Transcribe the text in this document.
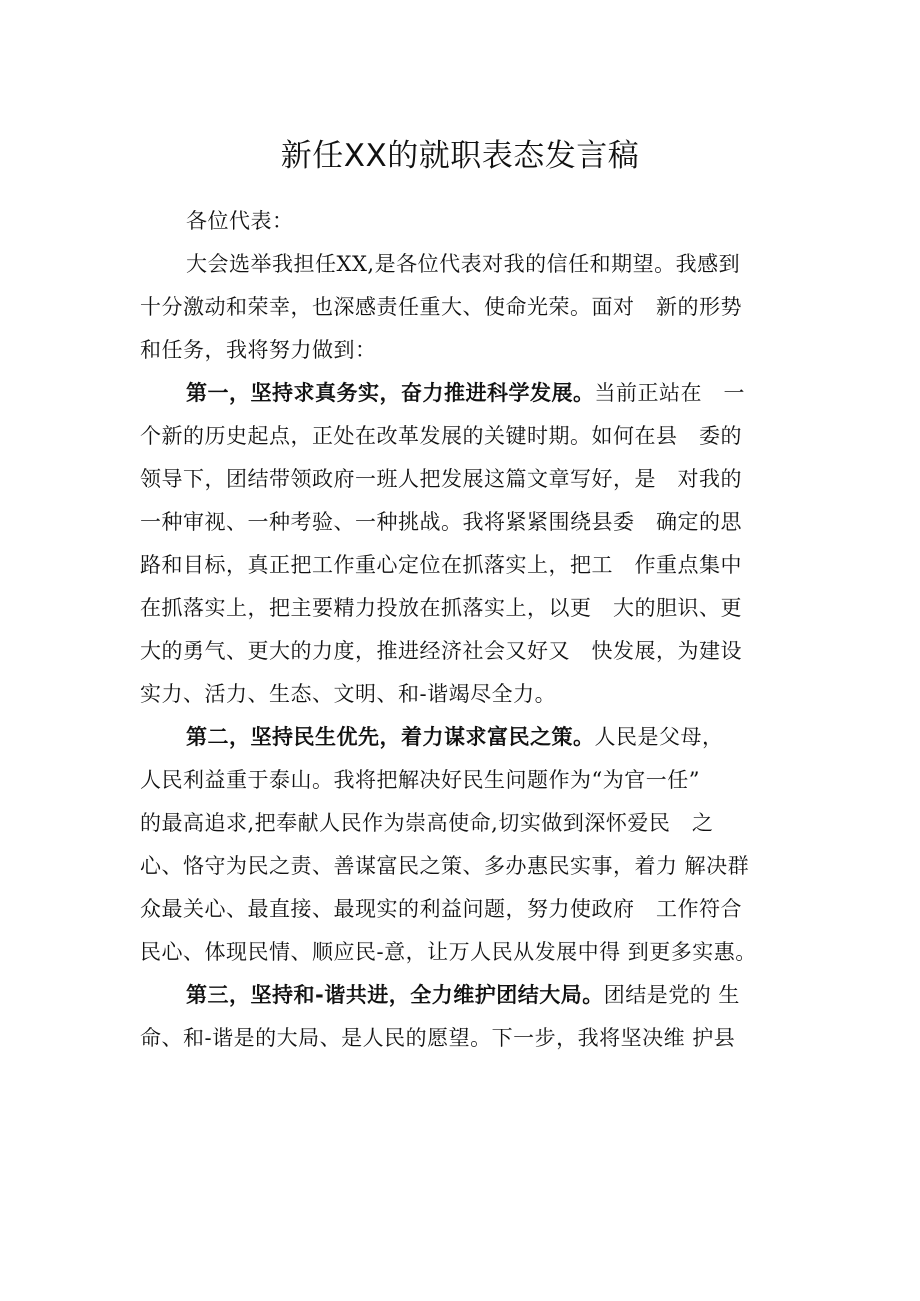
新任XX的就职表态发言稿
各位代表：
大会选举我担任XX,是各位代表对我的信任和期望。我感到
十分激动和荣幸，也深感责任重大、使命光荣。面对　新的形势
和任务，我将努力做到：
第一，坚持求真务实，奋力推进科学发展。当前正站在　一
个新的历史起点，正处在改革发展的关键时期。如何在县　委的
领导下，团结带领政府一班人把发展这篇文章写好，是　对我的
一种审视、一种考验、一种挑战。我将紧紧围绕县委　确定的思
路和目标，真正把工作重心定位在抓落实上，把工　作重点集中
在抓落实上，把主要精力投放在抓落实上，以更　大的胆识、更
大的勇气、更大的力度，推进经济社会又好又　快发展，为建设
实力、活力、生态、文明、和-谐竭尽全力。
第二，坚持民生优先，着力谋求富民之策。人民是父母，
人民利益重于泰山。我将把解决好民生问题作为“为官一任”
的最高追求,把奉献人民作为崇高使命,切实做到深怀爱民　之
心、恪守为民之责、善谋富民之策、多办惠民实事，着力 解决群
众最关心、最直接、最现实的利益问题，努力使政府　工作符合
民心、体现民情、顺应民-意，让万人民从发展中得 到更多实惠。
第三，坚持和-谐共进，全力维护团结大局。团结是党的 生
命、和-谐是的大局、是人民的愿望。下一步，我将坚决维 护县
